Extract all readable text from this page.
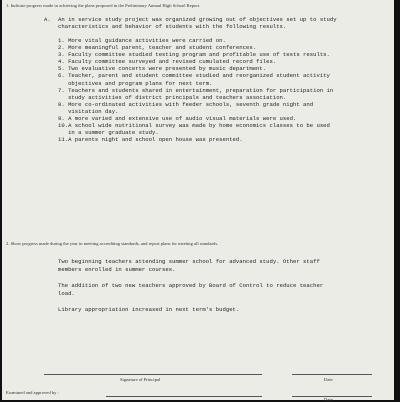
1. Indicate progress made in achieving the plans proposed in the Preliminary Annual High School Report.
A. An in service study project was organized growing out of objectives set up to study
characteristics and behavior of students with the following results.
1. More vital guidance activities were carried on.
2. More meaningful parent, teacher and student conferences.
3. Faculty committee studied testing program and profitable use of tests results.
4. Faculty committee surveyed and revised cumulated record files.
5. Two evaluative concerts were presented by music department.
6. Teacher, parent and student committee studied and reorganized student activity
objectives and program plans for next term.
7. Teachers and students shared in entertainment, preparation for participation in
study activities of district principals and teachers association.
8. More co-ordinated activities with feeder schools, seventh grade night and
visitation day.
9. A more varied and extensive use of audio visual materials were used.
10.A school wide nutritional survey was made by home economics classes to be used
in a summer graduate study.
11.A parents night and school open house was presented.
2. Show progress made during the year in meeting accrediting standards, and report plans for meeting all standards.
Two beginning teachers attending summer school for advanced study. Other staff
members enrolled in summer courses.
The addition of two new teachers approved by Board of Control to reduce teacher
load.
Library appropriation increased in next term's budget.
Signature of Principal	Date
Examined and approved by :
Date
